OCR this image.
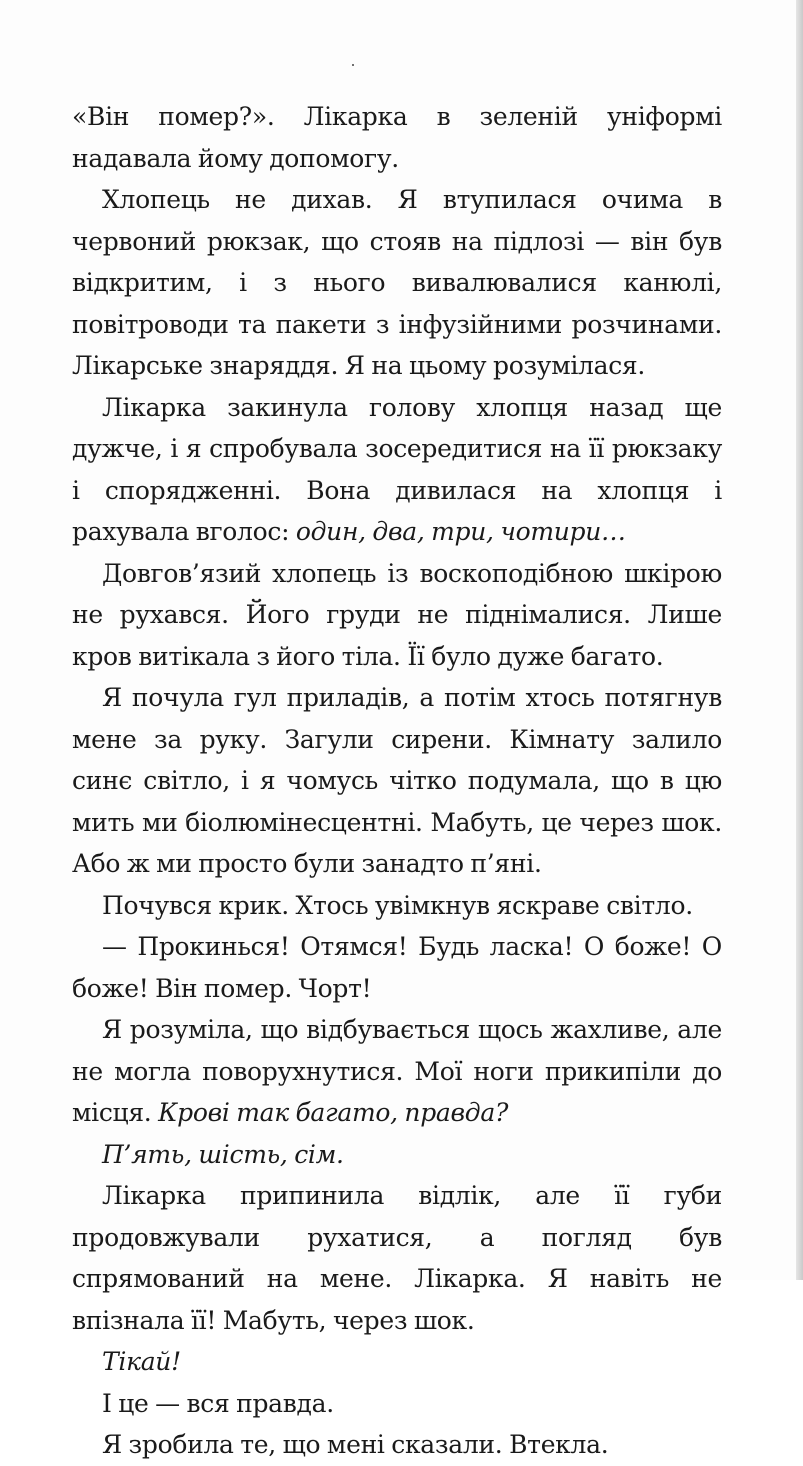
«Він помер?». Лікарка в зеленій уніформі надавала йому допомогу.

Хлопець не дихав. Я втупилася очима в червоний рюкзак, що стояв на підлозі — він був відкритим, і з нього вивалювалися канюлі, повітроводи та пакети з інфузійними розчинами. Лікарське знаряддя. Я на цьому розумілася.

Лікарка закинула голову хлопця назад ще дужче, і я спробувала зосередитися на її рюкзаку і спорядженні. Вона дивилася на хлопця і рахувала вголос: один, два, три, чотири…

Довгов’язий хлопець із воскоподібною шкірою не рухався. Його груди не піднімалися. Лише кров витікала з його тіла. Її було дуже багато.

Я почула гул приладів, а потім хтось потягнув мене за руку. Загули сирени. Кімнату залило синє світло, і я чомусь чітко подумала, що в цю мить ми біолюмінесцентні. Мабуть, це через шок. Або ж ми просто були занадто п’яні.

Почувся крик. Хтось увімкнув яскраве світло.

— Прокинься! Отямся! Будь ласка! О боже! О боже! Він помер. Чорт!

Я розуміла, що відбувається щось жахливе, але не могла поворухнутися. Мої ноги прикипіли до місця. Крові так багато, правда?

П’ять, шість, сім.

Лікарка припинила відлік, але її губи продовжували рухатися, а погляд був спрямований на мене. Лікарка. Я навіть не впізнала її! Мабуть, через шок.

Тікай!

І це — вся правда.

Я зробила те, що мені сказали. Втекла.
